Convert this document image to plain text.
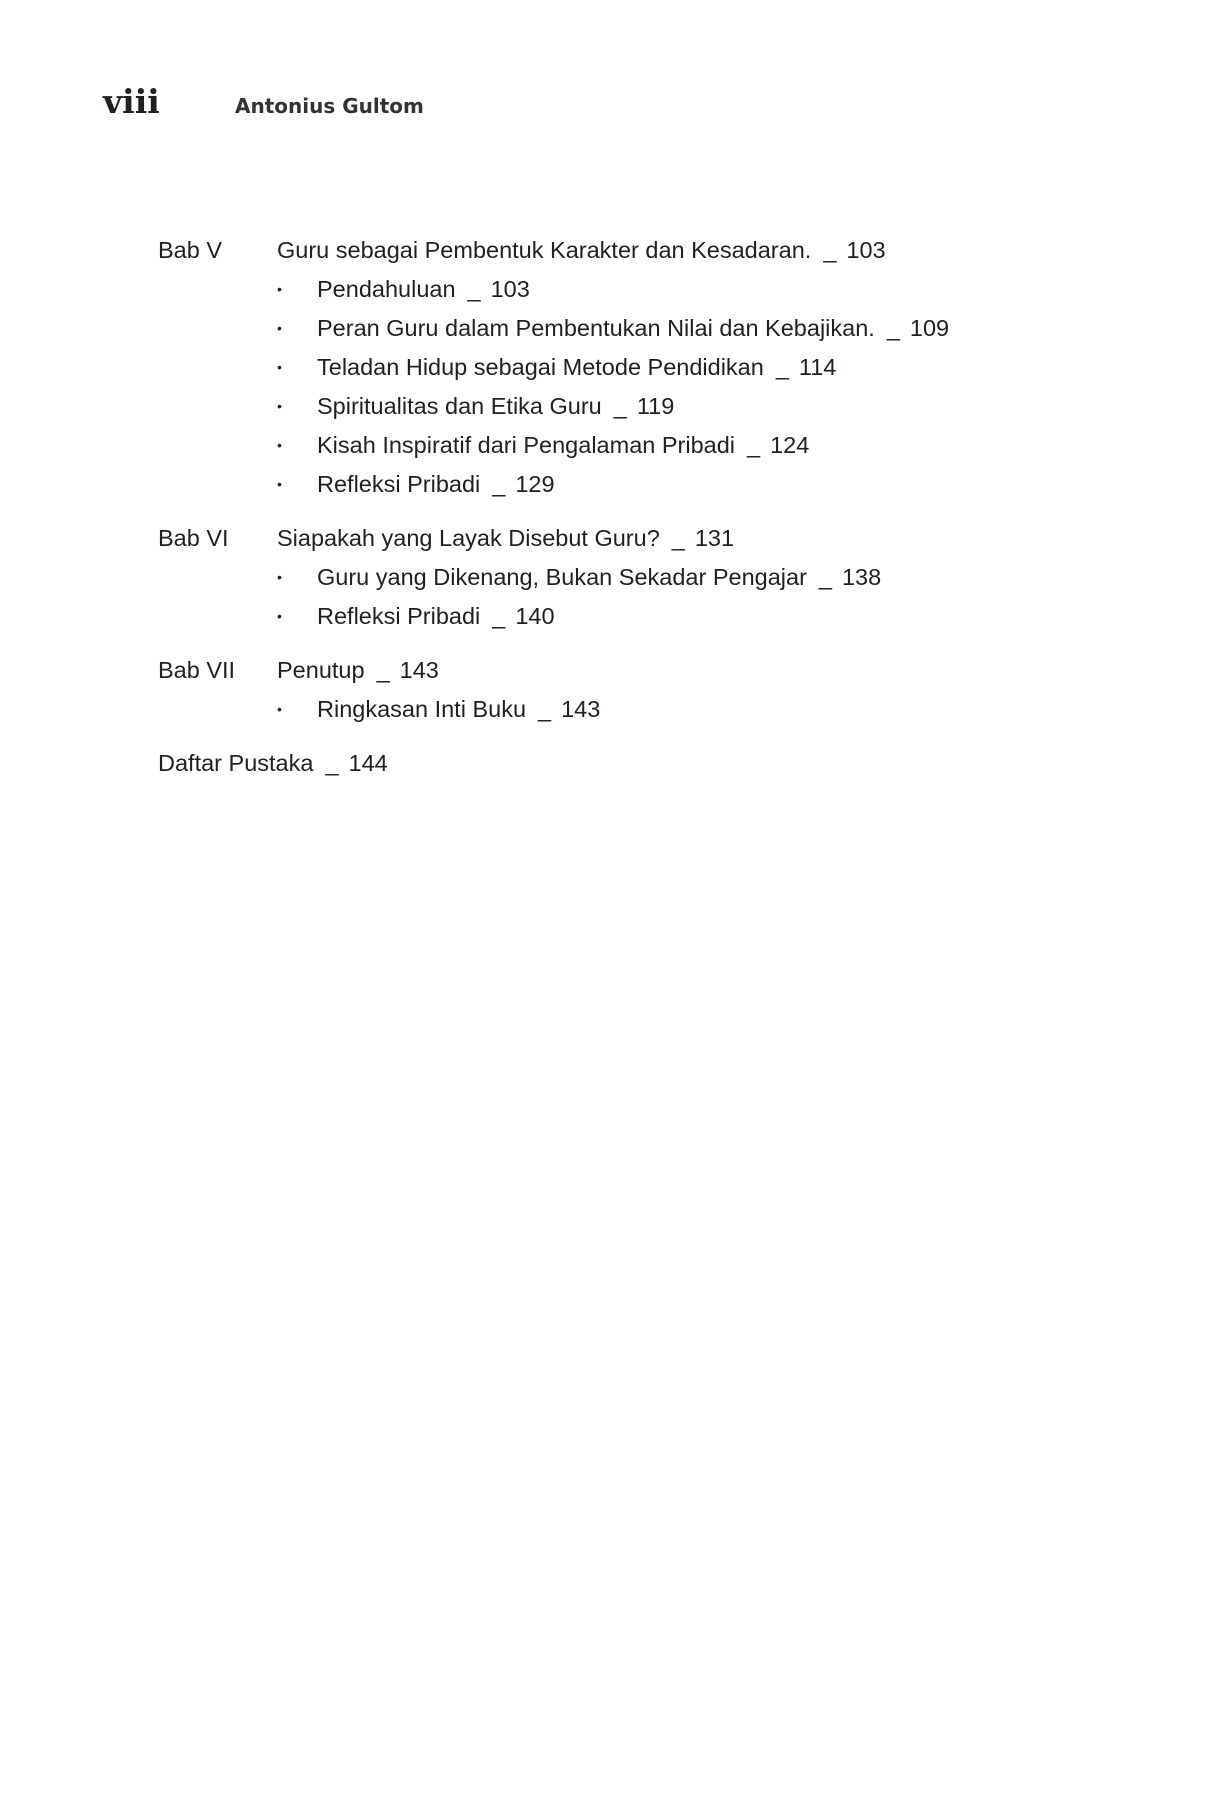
viii	Antonius Gultom
Bab V	Guru sebagai Pembentuk Karakter dan Kesadaran. _ 103
•	Pendahuluan _ 103
•	Peran Guru dalam Pembentukan Nilai dan Kebajikan. _ 109
•	Teladan Hidup sebagai Metode Pendidikan _ 114
•	Spiritualitas dan Etika Guru _ 119
•	Kisah Inspiratif dari Pengalaman Pribadi _ 124
•	Refleksi Pribadi _ 129
Bab VI	Siapakah yang Layak Disebut Guru? _ 131
•	Guru yang Dikenang, Bukan Sekadar Pengajar _ 138
•	Refleksi Pribadi _ 140
Bab VII	Penutup _ 143
•	Ringkasan Inti Buku _ 143
Daftar Pustaka _ 144
